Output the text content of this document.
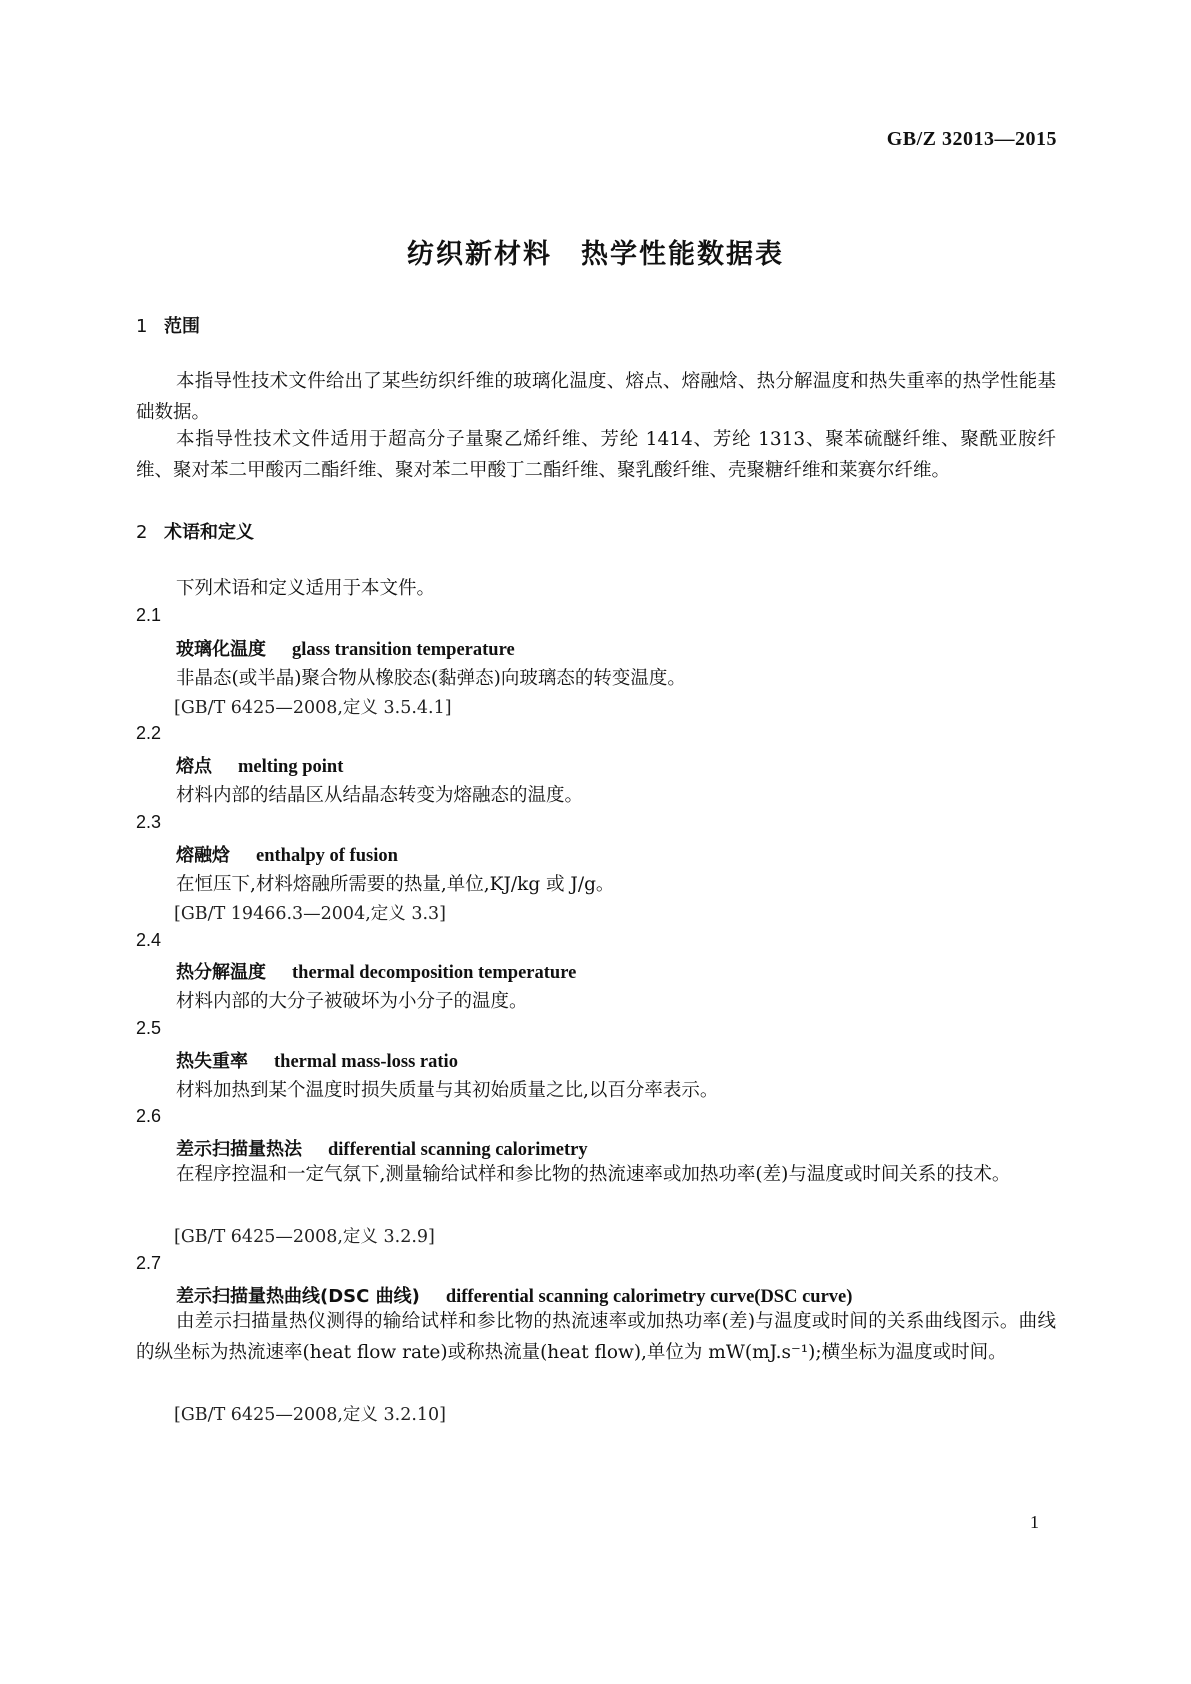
GB/Z 32013—2015
纺织新材料　热学性能数据表
1 范围
本指导性技术文件给出了某些纺织纤维的玻璃化温度、熔点、熔融焓、热分解温度和热失重率的热学性能基础数据。
本指导性技术文件适用于超高分子量聚乙烯纤维、芳纶 1414、芳纶 1313、聚苯硫醚纤维、聚酰亚胺纤维、聚对苯二甲酸丙二酯纤维、聚对苯二甲酸丁二酯纤维、聚乳酸纤维、壳聚糖纤维和莱赛尔纤维。
2 术语和定义
下列术语和定义适用于本文件。
2.1
玻璃化温度 glass transition temperature
非晶态(或半晶)聚合物从橡胶态(黏弹态)向玻璃态的转变温度。
[GB/T 6425—2008,定义 3.5.4.1]
2.2
熔点 melting point
材料内部的结晶区从结晶态转变为熔融态的温度。
2.3
熔融焓 enthalpy of fusion
在恒压下,材料熔融所需要的热量,单位,KJ/kg 或 J/g。
[GB/T 19466.3—2004,定义 3.3]
2.4
热分解温度 thermal decomposition temperature
材料内部的大分子被破坏为小分子的温度。
2.5
热失重率 thermal mass-loss ratio
材料加热到某个温度时损失质量与其初始质量之比,以百分率表示。
2.6
差示扫描量热法 differential scanning calorimetry
在程序控温和一定气氛下,测量输给试样和参比物的热流速率或加热功率(差)与温度或时间关系的技术。
[GB/T 6425—2008,定义 3.2.9]
2.7
差示扫描量热曲线(DSC 曲线) differential scanning calorimetry curve(DSC curve)
由差示扫描量热仪测得的输给试样和参比物的热流速率或加热功率(差)与温度或时间的关系曲线图示。曲线的纵坐标为热流速率(heat flow rate)或称热流量(heat flow),单位为 mW(mJ.s⁻¹);横坐标为温度或时间。
[GB/T 6425—2008,定义 3.2.10]
1
